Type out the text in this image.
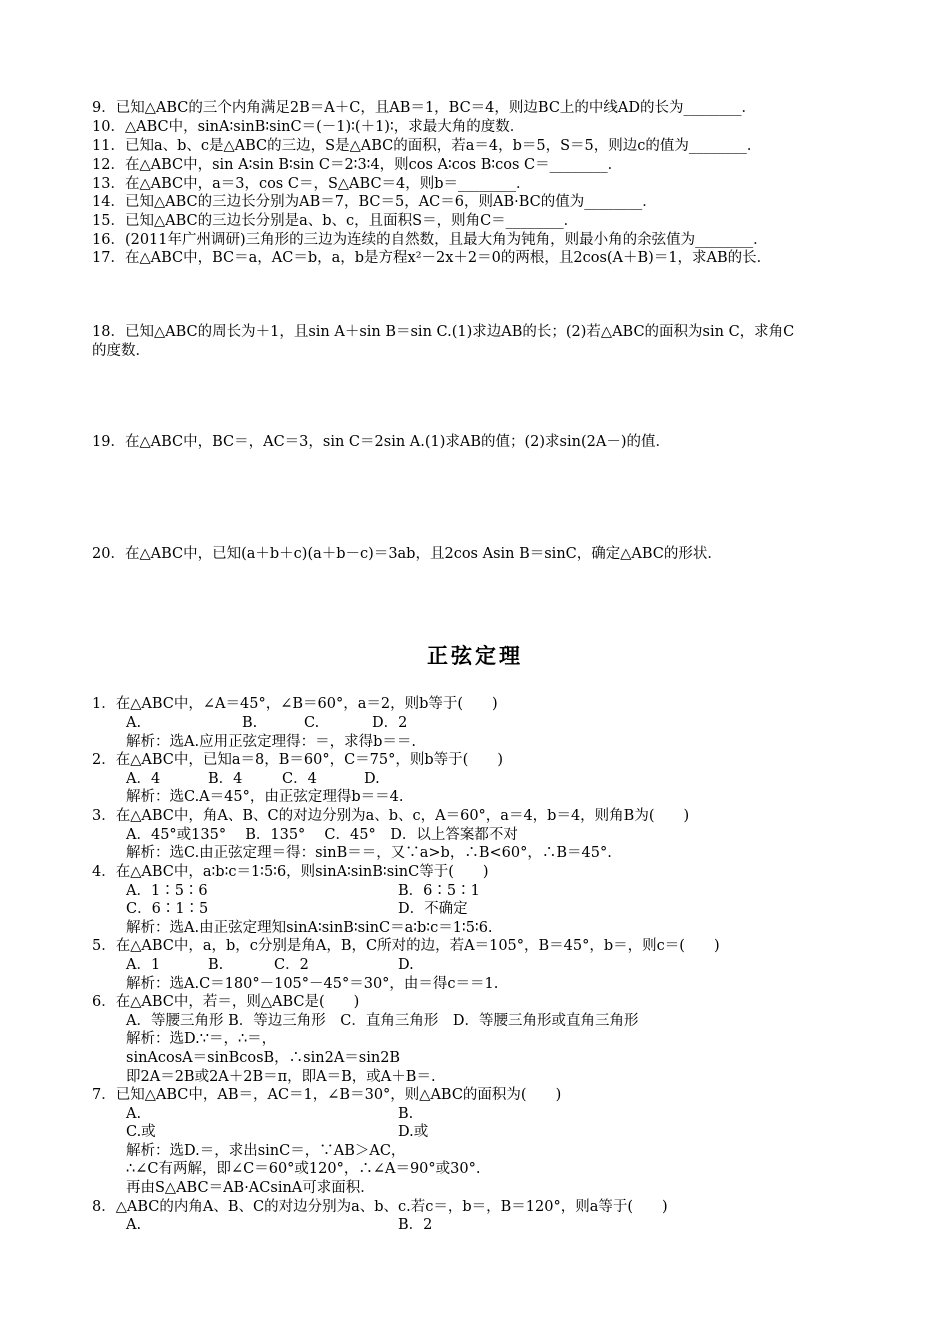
9．已知△ABC的三个内角满足2B＝A＋C，且AB＝1，BC＝4，则边BC上的中线AD的长为________．
10．△ABC中，sinA∶sinB∶sinC＝(－1)∶(＋1)∶，求最大角的度数．
11．已知a、b、c是△ABC的三边，S是△ABC的面积，若a＝4，b＝5，S＝5，则边c的值为________．
12．在△ABC中，sin A∶sin B∶sin C＝2∶3∶4，则cos A∶cos B∶cos C＝________．
13．在△ABC中，a＝3，cos C＝，S△ABC＝4，则b＝________．
14．已知△ABC的三边长分别为AB＝7，BC＝5，AC＝6，则AB·BC的值为________．
15．已知△ABC的三边长分别是a、b、c，且面积S＝，则角C＝________．
16．(2011年广州调研)三角形的三边为连续的自然数，且最大角为钝角，则最小角的余弦值为________．
17．在△ABC中，BC＝a，AC＝b，a，b是方程x²－2x＋2＝0的两根，且2cos(A＋B)＝1，求AB的长．
18．已知△ABC的周长为＋1，且sin A＋sin B＝sin C.(1)求边AB的长；(2)若△ABC的面积为sin C，求角C
的度数．
19．在△ABC中，BC＝，AC＝3，sin C＝2sin A.(1)求AB的值；(2)求sin(2A－)的值．
20．在△ABC中，已知(a＋b＋c)(a＋b－c)＝3ab，且2cos Asin B＝sinC，确定△ABC的形状．
正弦定理
1．在△ABC中，∠A＝45°，∠B＝60°，a＝2，则b等于(　　)
A.	B.	C.	D．2
解析：选A.应用正弦定理得：＝，求得b＝＝.
2．在△ABC中，已知a＝8，B＝60°，C＝75°，则b等于(　　)
A．4	B．4	C．4	D.
解析：选C.A＝45°，由正弦定理得b＝＝4.
3．在△ABC中，角A、B、C的对边分别为a、b、c，A＝60°，a＝4，b＝4，则角B为(　　)
A．45°或135°　 B．135°　 C．45°　D．以上答案都不对
解析：选C.由正弦定理＝得：sinB＝＝，又∵a>b，∴B<60°，∴B＝45°.
4．在△ABC中，a∶b∶c＝1∶5∶6，则sinA∶sinB∶sinC等于(　　)
A．1∶5∶6	B．6∶5∶1
C．6∶1∶5	D．不确定
解析：选A.由正弦定理知sinA∶sinB∶sinC＝a∶b∶c＝1∶5∶6.
5．在△ABC中，a，b，c分别是角A，B，C所对的边，若A＝105°，B＝45°，b＝，则c＝(　　)
A．1	B.	C．2	D.
解析：选A.C＝180°－105°－45°＝30°，由＝得c＝＝1.
6．在△ABC中，若＝，则△ABC是(　　)
A．等腰三角形 B．等边三角形　C．直角三角形　D．等腰三角形或直角三角形
解析：选D.∵＝，∴＝，
sinAcosA＝sinBcosB，∴sin2A＝sin2B
即2A＝2B或2A＋2B＝π，即A＝B，或A＋B＝.
7．已知△ABC中，AB＝，AC＝1，∠B＝30°，则△ABC的面积为(　　)
A.	B.
C.或	D.或
解析：选D.＝，求出sinC＝，∵AB＞AC，
∴∠C有两解，即∠C＝60°或120°，∴∠A＝90°或30°.
再由S△ABC＝AB·ACsinA可求面积．
8．△ABC的内角A、B、C的对边分别为a、b、c.若c＝，b＝，B＝120°，则a等于(　　)
A.	B．2
